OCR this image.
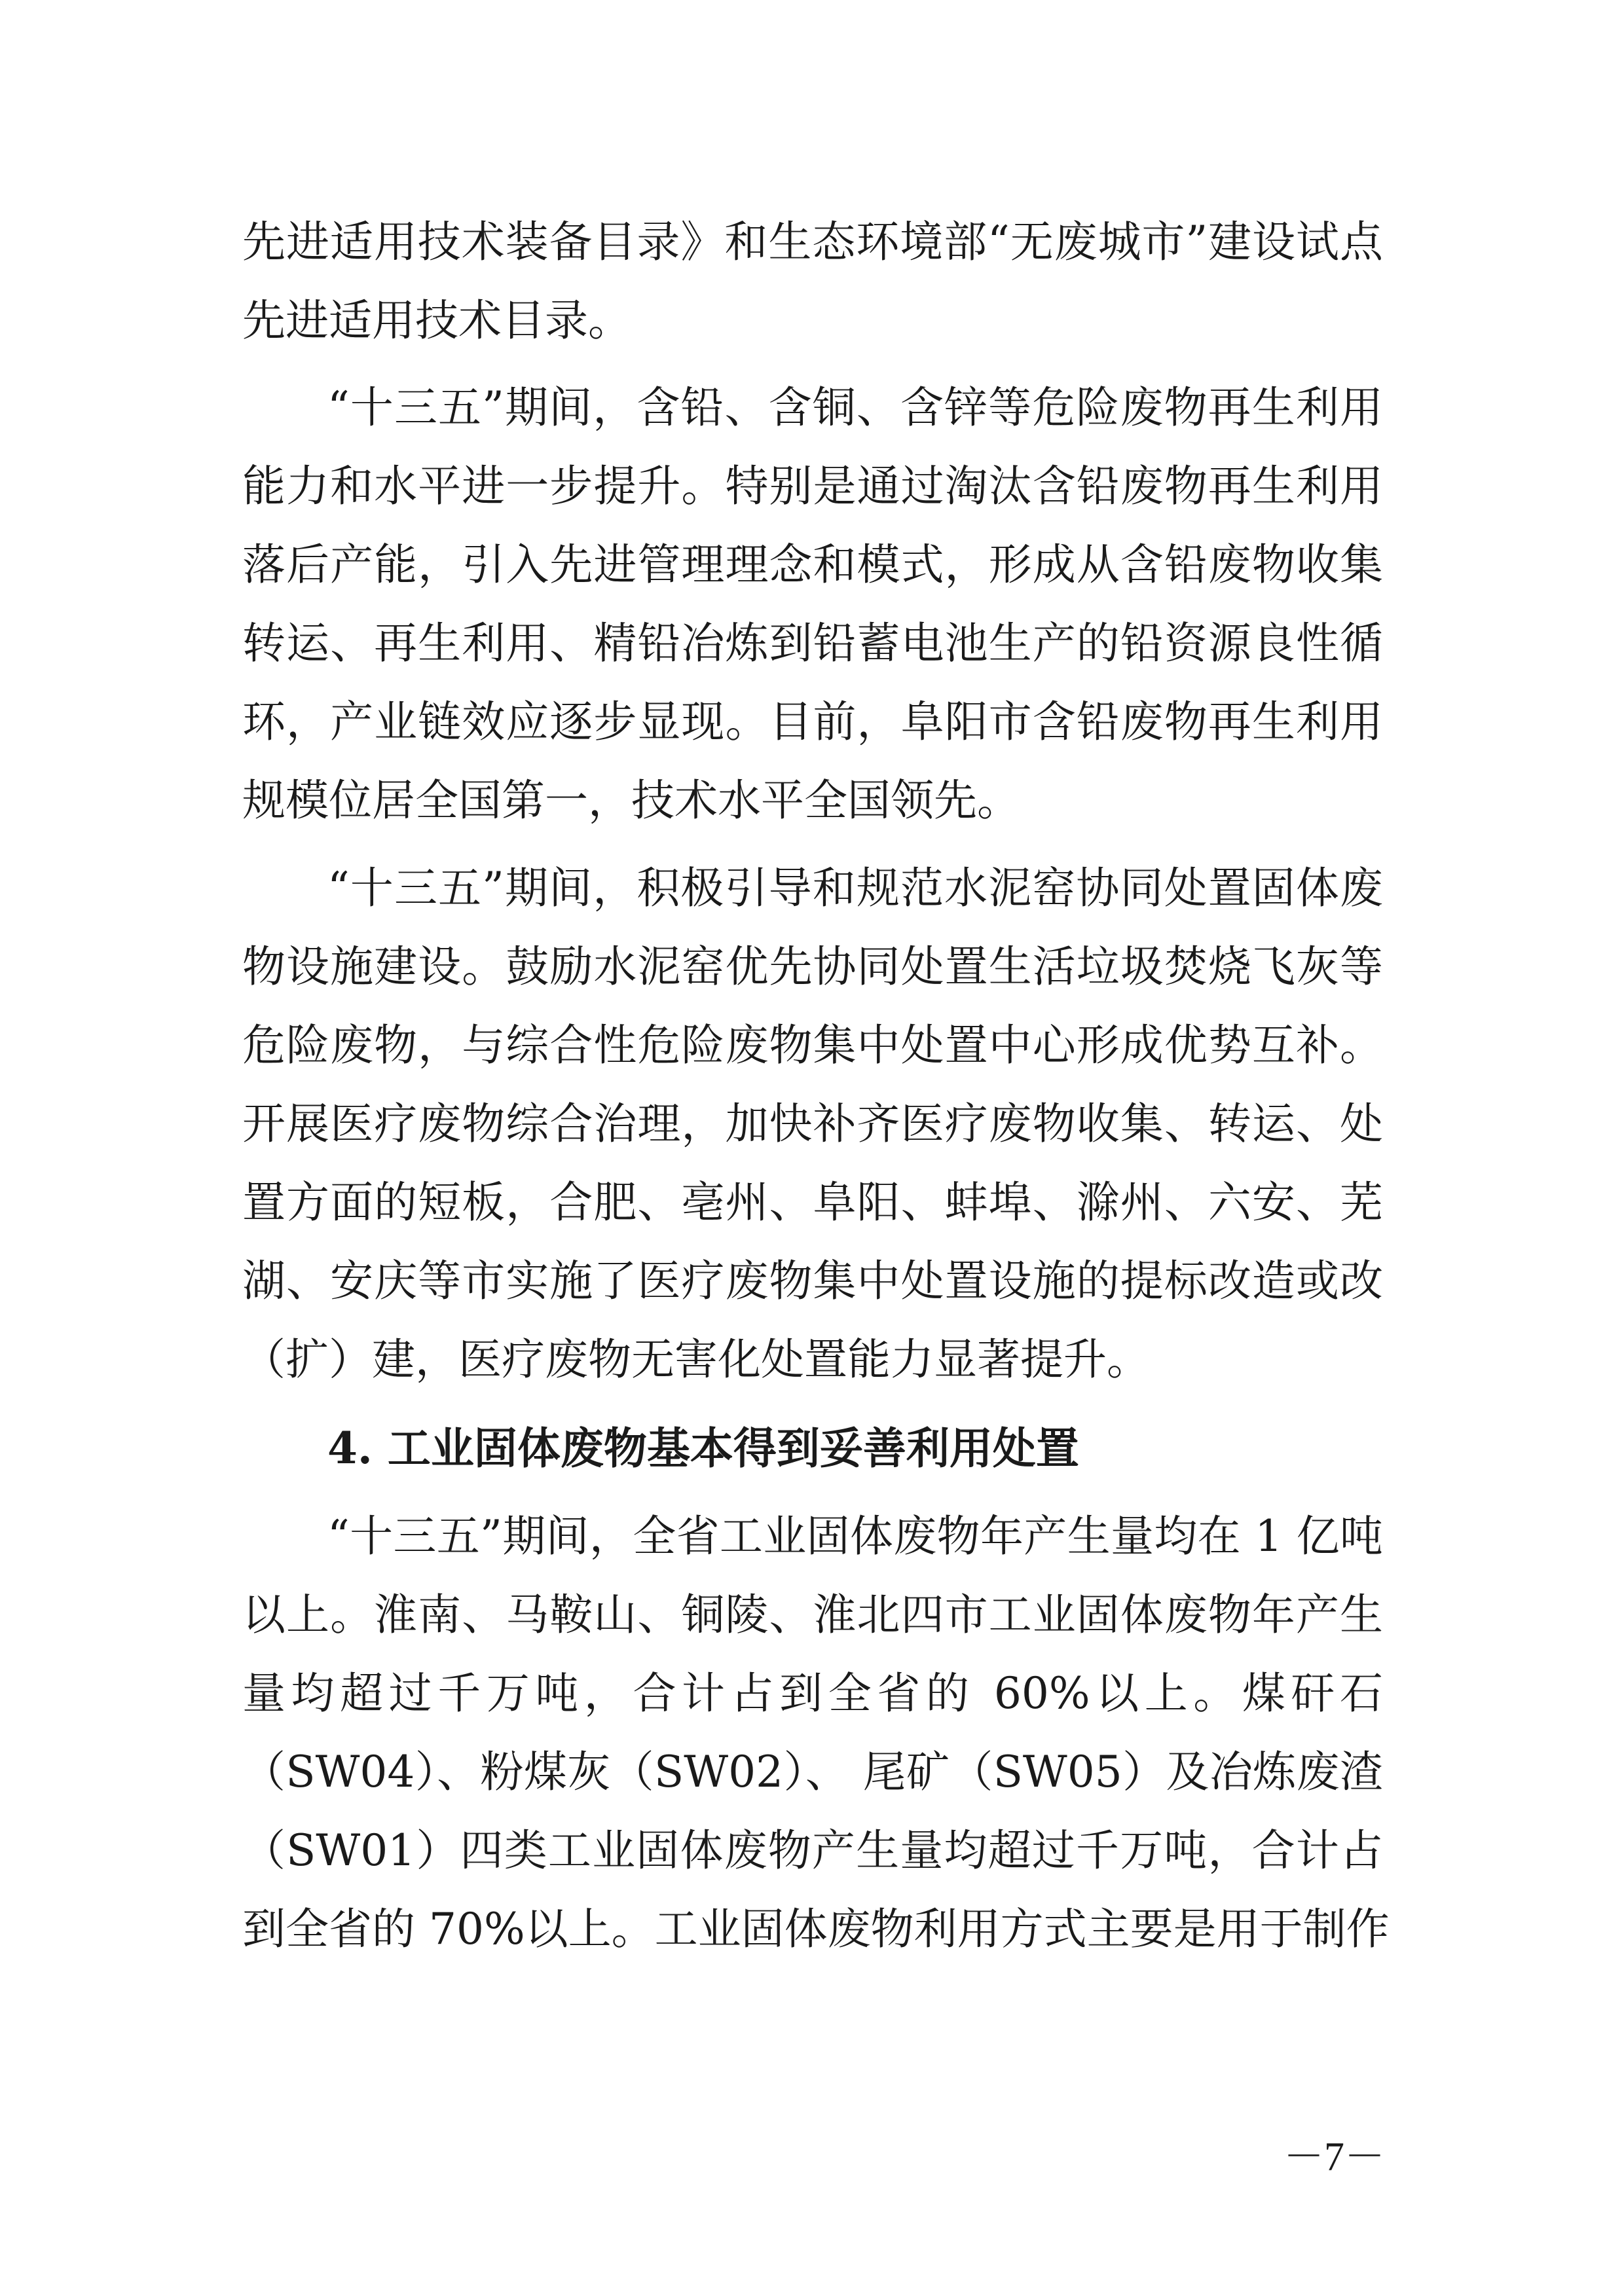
先进适用技术装备目录》和生态环境部“无废城市”建设试点
先进适用技术目录。
“十三五”期间，含铅、含铜、含锌等危险废物再生利用
能力和水平进一步提升。特别是通过淘汰含铅废物再生利用
落后产能，引入先进管理理念和模式，形成从含铅废物收集
转运、再生利用、精铅冶炼到铅蓄电池生产的铅资源良性循
环，产业链效应逐步显现。目前，阜阳市含铅废物再生利用
规模位居全国第一，技术水平全国领先。
“十三五”期间，积极引导和规范水泥窑协同处置固体废
物设施建设。鼓励水泥窑优先协同处置生活垃圾焚烧飞灰等
危险废物，与综合性危险废物集中处置中心形成优势互补。
开展医疗废物综合治理，加快补齐医疗废物收集、转运、处
置方面的短板，合肥、亳州、阜阳、蚌埠、滁州、六安、芜
湖、安庆等市实施了医疗废物集中处置设施的提标改造或改
（扩）建，医疗废物无害化处置能力显著提升。
4. 工业固体废物基本得到妥善利用处置
“十三五”期间，全省工业固体废物年产生量均在 1 亿吨
以上。淮南、马鞍山、铜陵、淮北四市工业固体废物年产生
量均超过千万吨，合计占到全省的 60%以上。煤矸石
（SW04）、粉煤灰（SW02）、 尾矿（SW05）及冶炼废渣
（SW01）四类工业固体废物产生量均超过千万吨，合计占
到全省的 70%以上。工业固体废物利用方式主要是用于制作
－7－
